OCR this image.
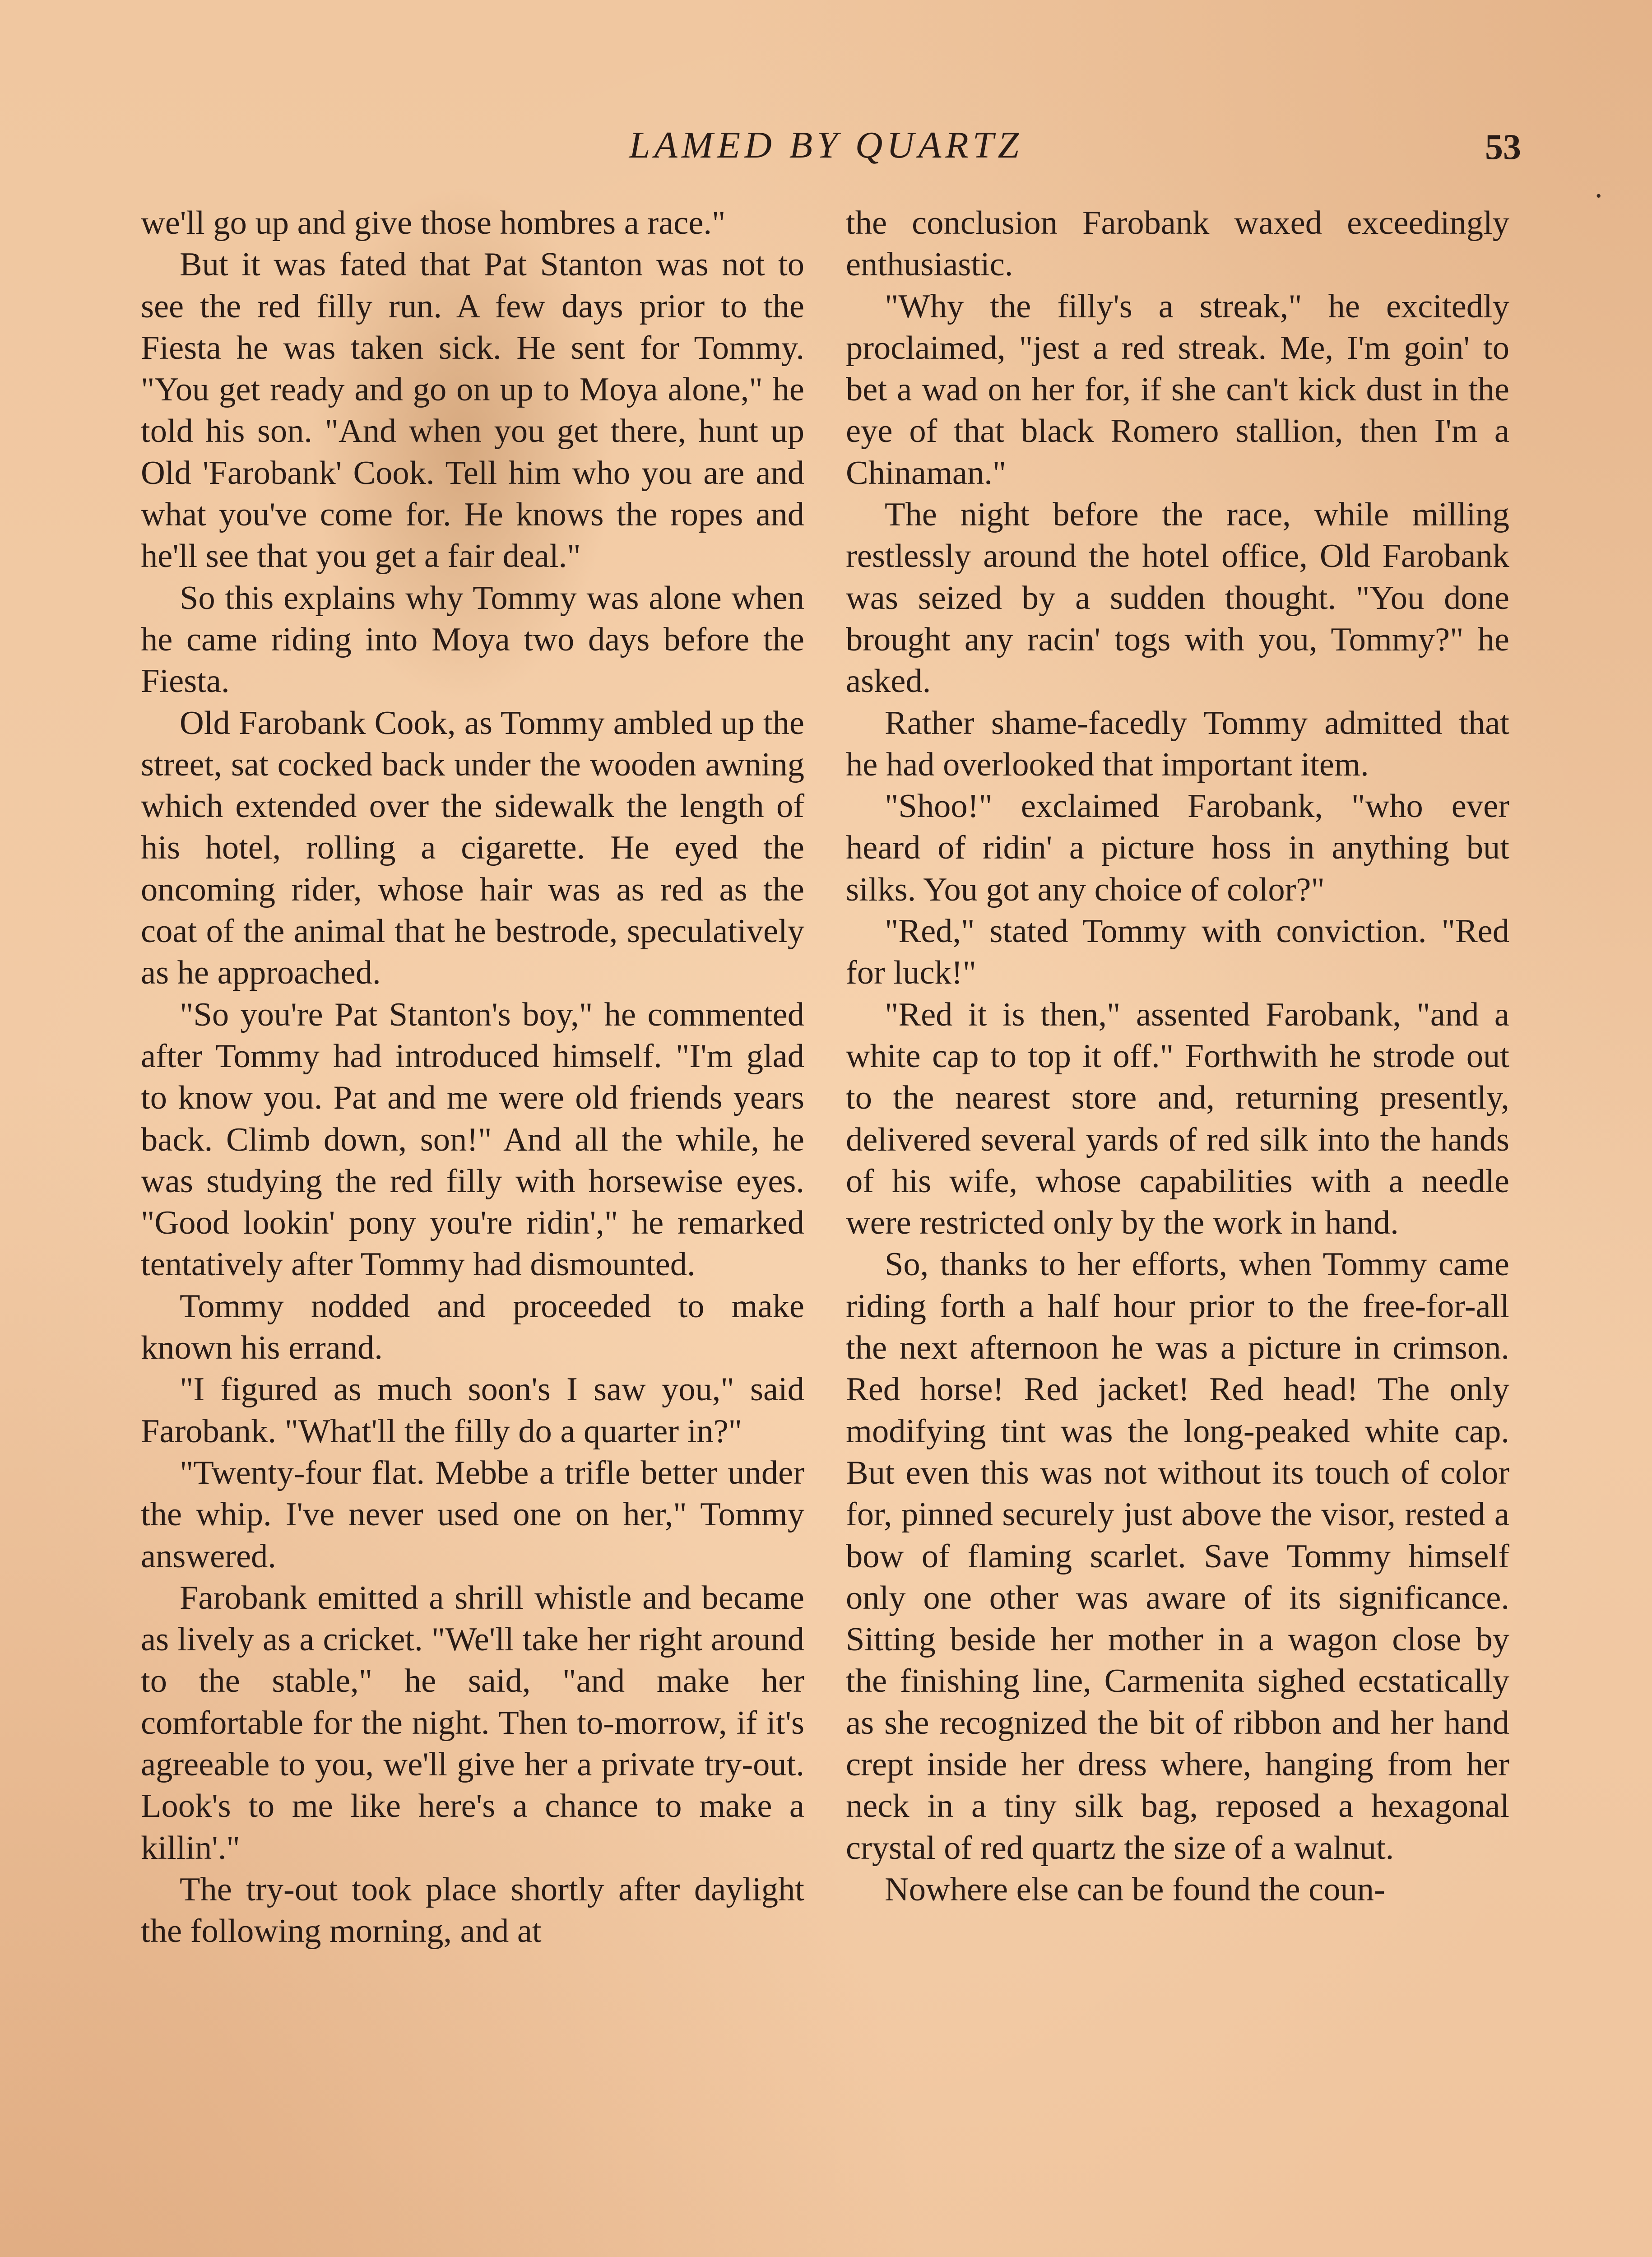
LAMED BY QUARTZ	53
·

we'll go up and give those hombres a race."

But it was fated that Pat Stanton was not to see the red filly run. A few days prior to the Fiesta he was taken sick. He sent for Tommy. "You get ready and go on up to Moya alone," he told his son. "And when you get there, hunt up Old 'Farobank' Cook. Tell him who you are and what you've come for. He knows the ropes and he'll see that you get a fair deal."

So this explains why Tommy was alone when he came riding into Moya two days before the Fiesta.

Old Farobank Cook, as Tommy ambled up the street, sat cocked back under the wooden awning which extended over the sidewalk the length of his hotel, rolling a cigarette. He eyed the oncoming rider, whose hair was as red as the coat of the animal that he bestrode, speculatively as he approached.

"So you're Pat Stanton's boy," he commented after Tommy had introduced himself. "I'm glad to know you. Pat and me were old friends years back. Climb down, son!" And all the while, he was studying the red filly with horsewise eyes. "Good lookin' pony you're ridin'," he remarked tentatively after Tommy had dismounted.

Tommy nodded and proceeded to make known his errand.

"I figured as much soon's I saw you," said Farobank. "What'll the filly do a quarter in?"

"Twenty-four flat. Mebbe a trifle better under the whip. I've never used one on her," Tommy answered.

Farobank emitted a shrill whistle and became as lively as a cricket. "We'll take her right around to the stable," he said, "and make her comfortable for the night. Then to-morrow, if it's agreeable to you, we'll give her a private try-out. Look's to me like here's a chance to make a killin'."

The try-out took place shortly after daylight the following morning, and at

the conclusion Farobank waxed exceedingly enthusiastic.

"Why the filly's a streak," he excitedly proclaimed, "jest a red streak. Me, I'm goin' to bet a wad on her for, if she can't kick dust in the eye of that black Romero stallion, then I'm a Chinaman."

The night before the race, while milling restlessly around the hotel office, Old Farobank was seized by a sudden thought. "You done brought any racin' togs with you, Tommy?" he asked.

Rather shame-facedly Tommy admitted that he had overlooked that important item.

"Shoo!" exclaimed Farobank, "who ever heard of ridin' a picture hoss in anything but silks. You got any choice of color?"

"Red," stated Tommy with conviction. "Red for luck!"

"Red it is then," assented Farobank, "and a white cap to top it off." Forthwith he strode out to the nearest store and, returning presently, delivered several yards of red silk into the hands of his wife, whose capabilities with a needle were restricted only by the work in hand.

So, thanks to her efforts, when Tommy came riding forth a half hour prior to the free-for-all the next afternoon he was a picture in crimson. Red horse! Red jacket! Red head! The only modifying tint was the long-peaked white cap. But even this was not without its touch of color for, pinned securely just above the visor, rested a bow of flaming scarlet. Save Tommy himself only one other was aware of its significance. Sitting beside her mother in a wagon close by the finishing line, Carmenita sighed ecstatically as she recognized the bit of ribbon and her hand crept inside her dress where, hanging from her neck in a tiny silk bag, reposed a hexagonal crystal of red quartz the size of a walnut.

Nowhere else can be found the coun-
